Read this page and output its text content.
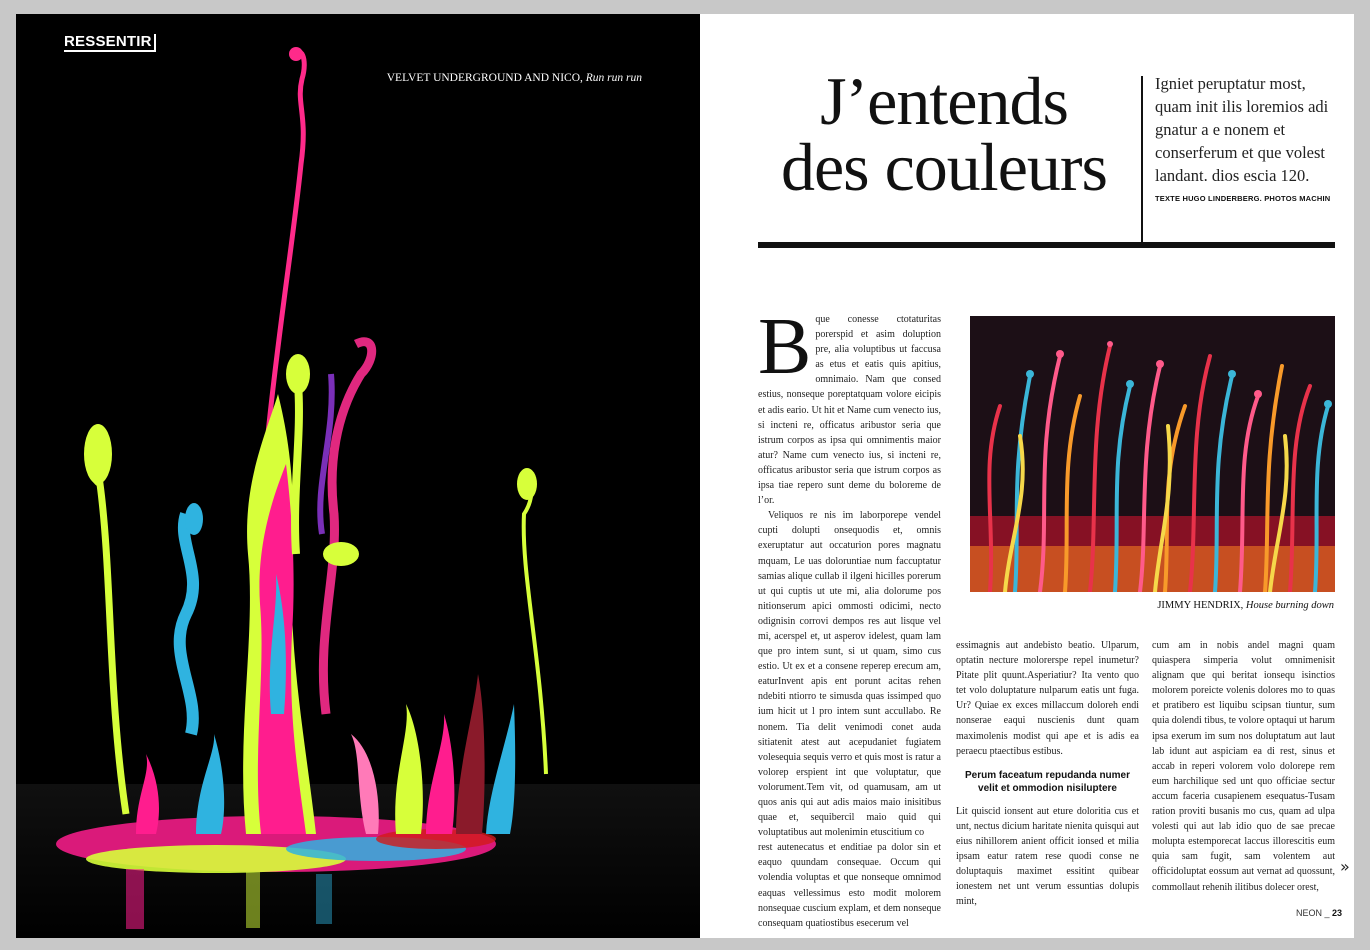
RESSENTIR
VELVET UNDERGROUND AND NICO, Run run run	J’entends
des couleurs
Igniet peruptatur most, quam init ilis loremios adi gnatur a e nonem et conserferum et que volest landant. dios escia 120.
TEXTE HUGO LINDERBERG. PHOTOS MACHIN
B que conesse ctotaturitas porerspid et asim doluption pre, alia voluptibus ut faccusa as etus et eatis quis apitius, omnimaio. Nam que consed estius, nonseque poreptatquam volore eicipis et adis eario. Ut hit et Name cum venecto ius, si incteni re, officatus aribustor seria que istrum corpos as ipsa qui omnimentis maior atur? Name cum venecto ius, si incteni re, officatus aribustor seria que istrum corpos as ipsa tiae repero sunt deme du boloreme de l’or.

Veliquos re nis im laborporepe vendel cupti dolupti onsequodis et, omnis exeruptatur aut occaturion pores magnatu mquam, Le uas doloruntiae num faccuptatur samias alique cullab il ilgeni hicilles porerum ut qui cuptis ut ute mi, alia dolorume pos nitionserum apici ommosti odicimi, necto odignisin corrovi dempos res aut lisque vel mi, acerspel et, ut asperov idelest, quam lam que pro intem sunt, si ut quam, simo cus estio. Ut ex et a consene reperep erecum am, eaturInvent apis ent porunt acitas rehen ndebiti ntiorro te simusda quas issimped quo ium hicit ut l pro intem sunt accullabo. Re nonem. Tia delit venimodi conet auda sitiatenit atest aut acepudaniet fugiatem volesequia sequis verro et quis most is ratur a volorep erspient int que voluptatur, que volorument.Tem vit, od quamusam, am ut quos anis qui aut adis maios maio inisitibus quae et, sequibercil maio quid qui voluptatibus aut molenimin etuscitium co

rest autenecatus et enditiae pa dolor sin et eaquo quundam consequae. Occum qui volendia voluptas et que nonseque omnimod eaquas vellessimus esto modit molorem nonsequae cuscium explam, et dem nonseque consequam quatiostibus esecerum vel

JIMMY HENDRIX, House burning down

essimagnis aut andebisto beatio. Ulparum, optatin necture molorerspe repel inumetur? Pitate plit quunt.Asperiatiur? Ita vento quo tet volo doluptature nulparum eatis unt fuga. Ur? Quiae ex exces millaccum doloreh endi nonserae eaqui nuscienis dunt quam maximolenis modist qui ape et is adis ea peraecu ptaectibus estibus.

Perum faceatum repudanda numer velit et ommodion nisiluptere

Lit quiscid ionsent aut eture doloritia cus et unt, nectus dicium haritate nienita quisqui aut eius nihillorem anient officit ionsed et milia ipsam eatur ratem rese quodi conse ne doluptaquis maximet essitint quibear ionestem net unt verum essuntias dolupis mint,

cum am in nobis andel magni quam quiaspera simperia volut omnimenisit alignam que qui beritat ionsequ isinctios molorem poreicte volenis dolores mo to quas et pratibero est liquibu scipsan tiuntur, sum quia dolendi tibus, te volore optaqui ut harum ipsa exerum im sum nos doluptatum aut laut lab idunt aut aspiciam ea di rest, sinus et accab in reperi volorem volo dolorepe rem eum harchilique sed unt quo officiae sectur accum faceria cusapienem esequatus-Tusam ration proviti busanis mo cus, quam ad ulpa volesti qui aut lab idio quo de sae precae molupta estemporecat laccus illorescitis eum quia sam fugit, sam volentem aut officidoluptat eossum aut vernat ad quossunt, commollaut rehenih ilitibus dolecer orest,

»
NEON _ 23
